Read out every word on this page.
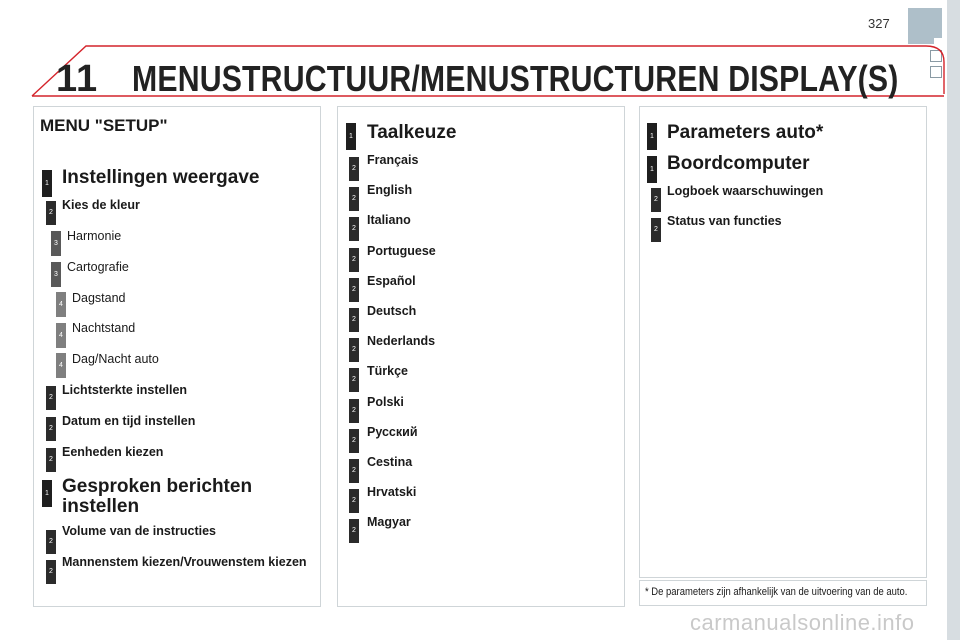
327
11 MENUSTRUCTUUR/MENUSTRUCTUREN DISPLAY(S)
MENU "SETUP"
1 Instellingen weergave
2
Kies de kleur
3
Harmonie
3
Cartografie
4 Dagstand
4
Nachtstand
4 Dag/Nacht auto
2
Lichtsterkte instellen
2
Datum en tijd instellen
2
Eenheden kiezen
1 Gesproken berichten
instellen
2
Volume van de instructies
2
Mannenstem kiezen/Vrouwenstem kiezen
1 Taalkeuze
2
Français
2
English
2
Italiano
2
Portuguese
2
Español
2
Deutsch
2
Nederlands
2
Türkçe
2
Polski
2
Русский
2
Cestina
2
Hrvatski
2
Magyar
1 Parameters auto*
1 Boordcomputer
2
Logboek waarschuwingen
2
Status van functies
* De parameters zijn afhankelijk van de uitvoering van de auto.
carmanualsonline.info
